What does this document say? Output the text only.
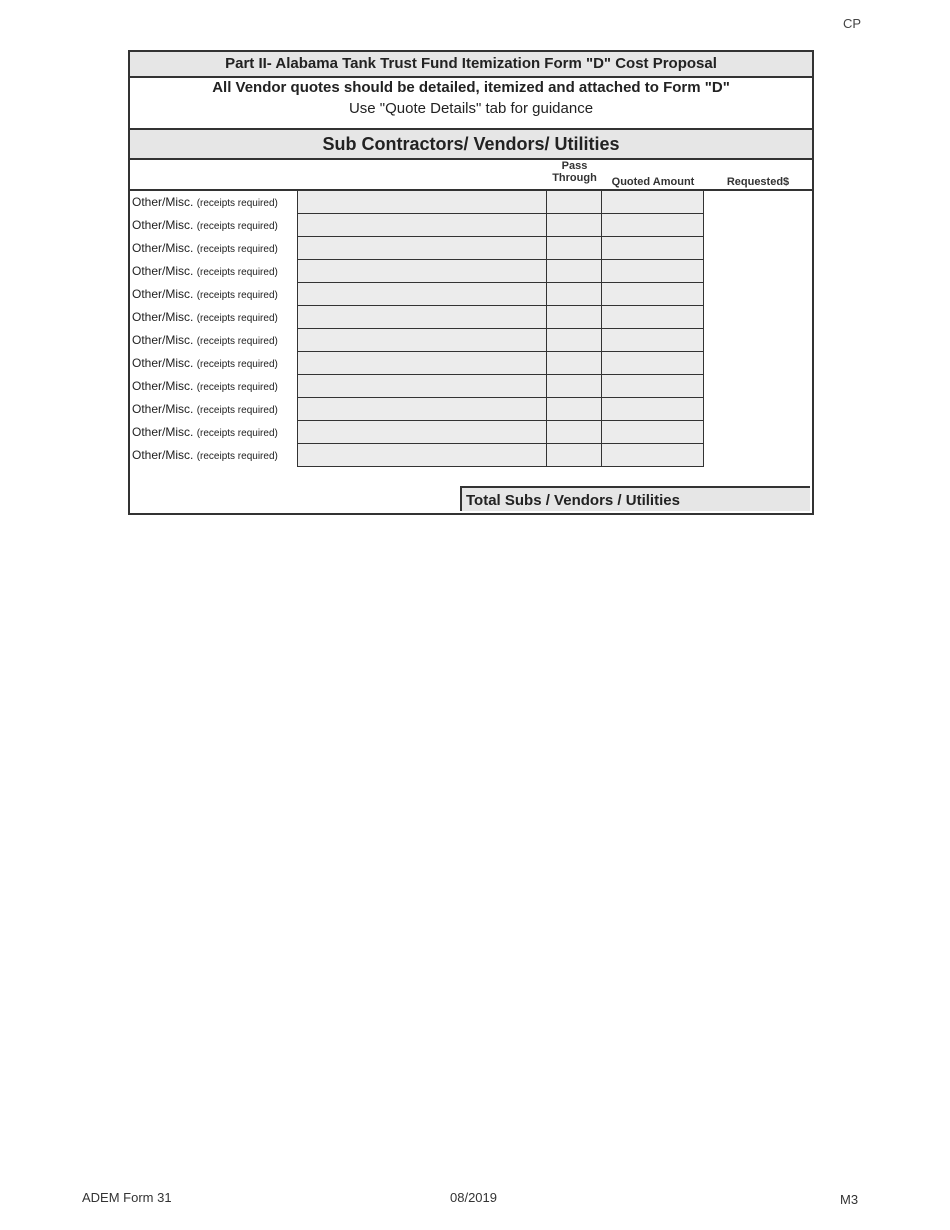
CP
Part II- Alabama Tank Trust Fund Itemization Form "D" Cost Proposal
All Vendor quotes should be detailed, itemized and attached to Form "D"
Use "Quote Details" tab for guidance
Sub Contractors/ Vendors/ Utilities
Pass
Through	Quoted Amount	Requested$
Other/Misc. (receipts required)
Other/Misc. (receipts required)
Other/Misc. (receipts required)
Other/Misc. (receipts required)
Other/Misc. (receipts required)
Other/Misc. (receipts required)
Other/Misc. (receipts required)
Other/Misc. (receipts required)
Other/Misc. (receipts required)
Other/Misc. (receipts required)
Other/Misc. (receipts required)
Other/Misc. (receipts required)
Total Subs / Vendors / Utilities
ADEM Form 31	08/2019	M3
